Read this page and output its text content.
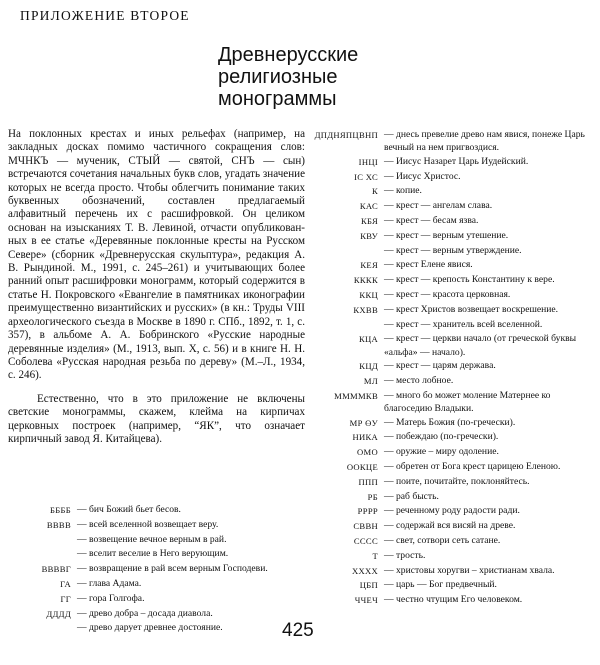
ПРИЛОЖЕНИЕ ВТОРОЕ
Древнерусские
религиозные
монограммы

На поклонных крестах и иных рельефах (например, на закладных досках помимо частичного сокращения слов: МЧНКЪ — мученик, СТЫЙ — святой, СНЪ — сын) встречаются сочетания начальных букв слов, угадать значение которых не всегда просто. Чтобы облегчить понимание таких буквенных обозначений, составлен предлагаемый алфавитный перечень их с расшифровкой. Он целиком основан на изысканиях Т. В. Левиной, отчасти опубликованных в ее статье «Деревянные поклонные кресты на Русском Севере» (сборник «Древнерусская скульптура», редакция А. В. Рындиной. М., 1991, с. 245–261) и учитывающих более ранний опыт расшифровки монограмм, который содержится в статье Н. Покровского «Евангелие в памятниках иконографии преимущественно византийских и русских» (в кн.: Труды VIII археологического съезда в Москве в 1890 г. СПб., 1892, т. 1, с. 357), в альбоме А. А. Бобринского «Русские народные деревянные изделия» (М., 1913, вып. X, с. 56) и в книге Н. Н. Соболева «Русская народная резьба по дереву» (М.–Л., 1934, с. 246).

Естественно, что в это приложение не включены светские монограммы, скажем, клейма на кирпичах церковных построек (например, “ЯК”, что означает кирпичный завод Я. Китайцева).

ББББ — бич Божий бьет бесов.
ВВВВ — всей вселенной возвещает веру.
— возвещение вечное верным в рай.
— вселит веселие в Него верующим.
ВВВВГ — возвращение в рай всем верным Господеви.
ГА — глава Адама.
ГГ — гора Голгофа.
ДДДД — древо добра – досада диавола.
— древо дарует древнее достояние.
ДПДНЯПЦВНП — днесь превелие древо нам явися, понеже Царь вечный на нем пригвоздися.
ІНЦІ — Иисус Назарет Царь Иудейский.
ІС ХС — Иисус Христос.
К — копие.
КАС — крест — ангелам слава.
КБЯ — крест — бесам язва.
КВУ — крест — верным утешение.
— крест — верным утверждение.
КЕЯ — крест Елене явися.
КККК — крест — крепость Константину к вере.
ККЦ — крест — красота церковная.
КХВВ — крест Христов возвещает воскрешение.
— крест — хранитель всей вселенной.
КЦА — крест — церкви начало (от греческой буквы «альфа» — начало).
КЦД — крест — царям держава.
МЛ — место лобное.
ММММКВ — много бо может моление Матернее ко благоседию Владыки.
МР ӨУ — Матерь Божия (по-гречески).
НИКА — побеждаю (по-гречески).
ОМО — оружие – миру одоление.
ООКЦЕ — обретен от Бога крест царицею Еленою.
ППП — поите, почитайте, поклоняйтесь.
РБ — раб бысть.
РРРР — реченному роду радости ради.
СВВН — содержай вся висяй на древе.
СССС — свет, сотвори сеть сатане.
Т — трость.
ХХХХ — христовы хоругви – христианам хвала.
ЦБП — царь — Бог предвечный.
ЧЧЕЧ — честно чтущим Его человеком.
425
